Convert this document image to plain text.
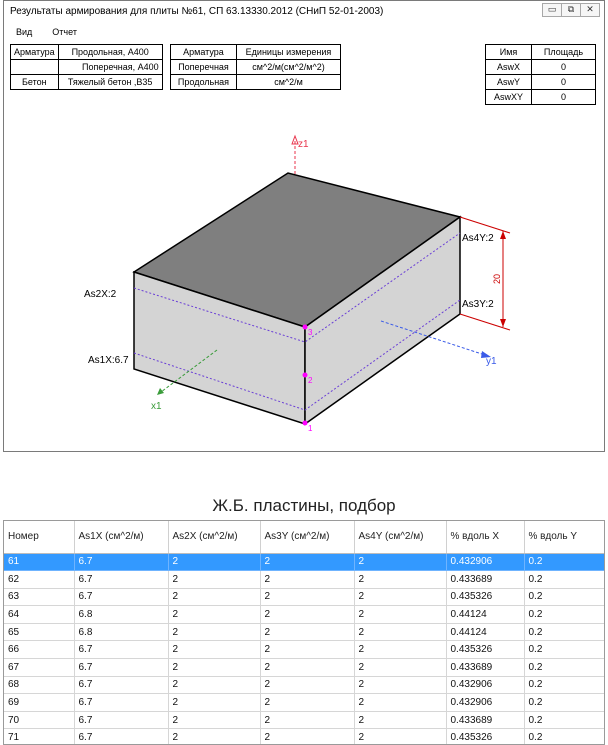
Результаты армирования для плиты №61, СП 63.13330.2012 (СНиП 52-01-2003)	▭	⧉	✕
Вид	Отчет
Арматура	Продольная, А400
	Поперечная, А400
Бетон	Тяжелый бетон ,B35
Арматура	Единицы измерения
Поперечная	см^2/м(см^2/м^2)
Продольная	см^2/м
Имя	Площадь
AswX	0
AswY	0
AswXY	0
z1
y1
x1
20
As2X:2
As1X:6.7
As4Y:2
As3Y:2
3
2
1
Ж.Б. пластины, подбор
Номер	As1X (см^2/м)	As2X (см^2/м)	As3Y (см^2/м)	As4Y (см^2/м)	% вдоль X	% вдоль Y
61	6.7	2	2	2	0.432906	0.2
62	6.7	2	2	2	0.433689	0.2
63	6.7	2	2	2	0.435326	0.2
64	6.8	2	2	2	0.44124	0.2
65	6.8	2	2	2	0.44124	0.2
66	6.7	2	2	2	0.435326	0.2
67	6.7	2	2	2	0.433689	0.2
68	6.7	2	2	2	0.432906	0.2
69	6.7	2	2	2	0.432906	0.2
70	6.7	2	2	2	0.433689	0.2
71	6.7	2	2	2	0.435326	0.2
